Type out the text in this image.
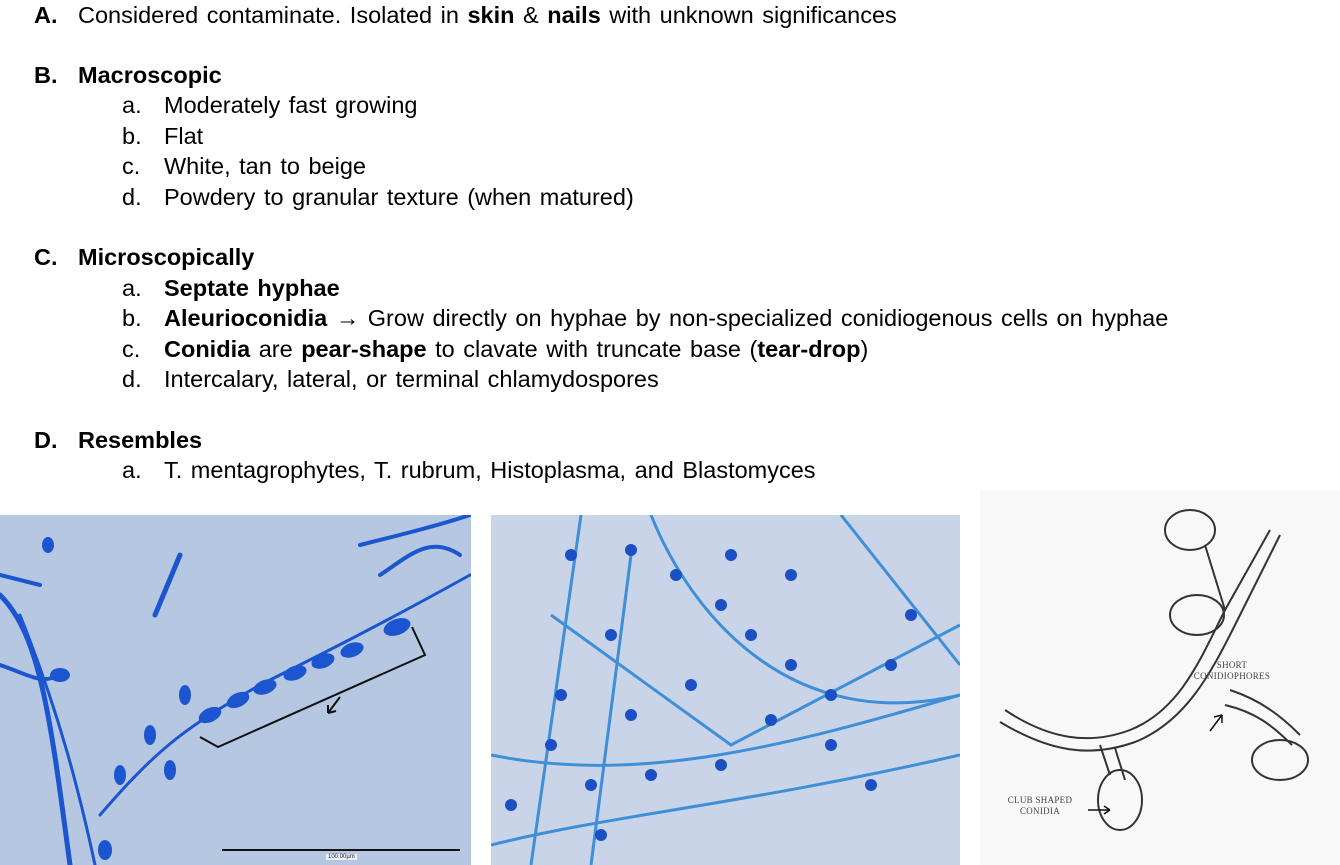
A. Considered contaminate. Isolated in skin & nails with unknown significances
B. Macroscopic
a. Moderately fast growing
b. Flat
c. White, tan to beige
d. Powdery to granular texture (when matured)
C. Microscopically
a. Septate hyphae
b. Aleurioconidia → Grow directly on hyphae by non-specialized conidiogenous cells on hyphae
c. Conidia are pear-shape to clavate with truncate base (tear-drop)
d. Intercalary, lateral, or terminal chlamydospores
D. Resembles
a. T. mentagrophytes, T. rubrum, Histoplasma, and Blastomyces
100.00µm
SHORT CONIDIOPHORES
CLUB SHAPED CONIDIA
